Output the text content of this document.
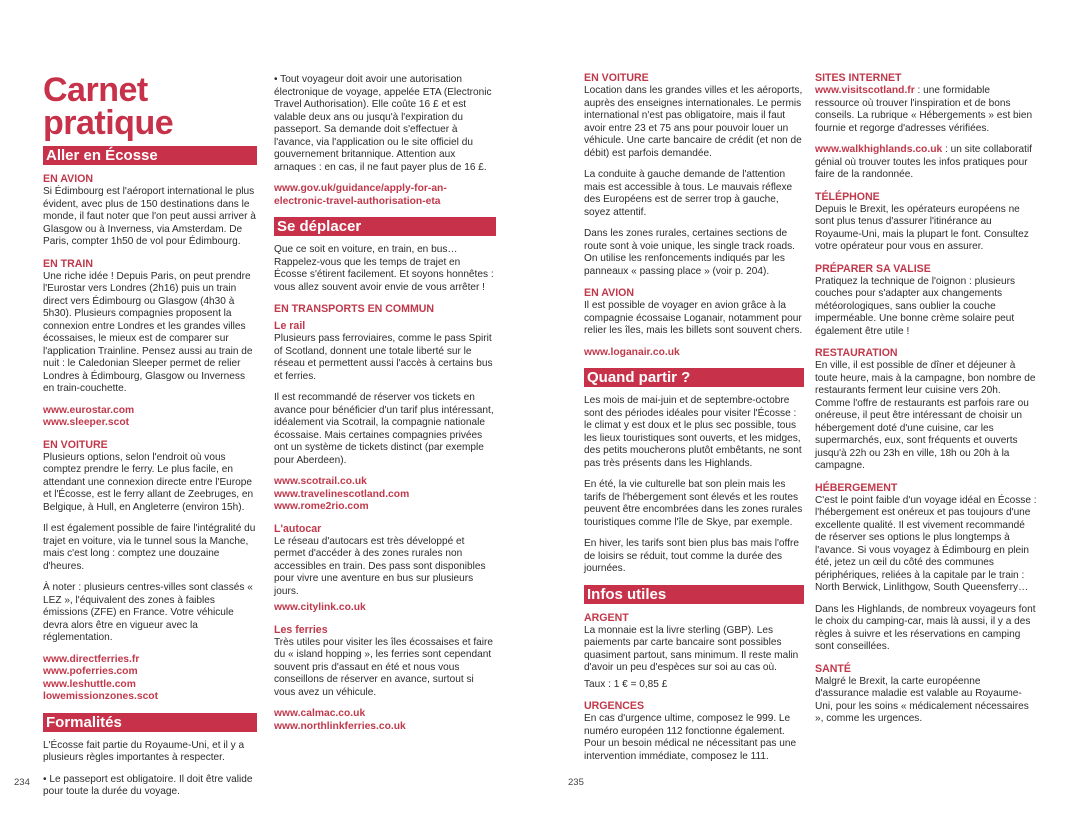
Carnet
pratique
Aller en Écosse
EN AVION

Si Édimbourg est l'aéroport international le plus évident, avec plus de 150 destinations dans le monde, il faut noter que l'on peut aussi arriver à Glasgow ou à Inverness, via Amsterdam. De Paris, compter 1h50 de vol pour Édimbourg.

EN TRAIN

Une riche idée ! Depuis Paris, on peut prendre l'Eurostar vers Londres (2h16) puis un train direct vers Édimbourg ou Glasgow (4h30 à 5h30). Plusieurs compagnies proposent la connexion entre Londres et les grandes villes écossaises, le mieux est de comparer sur l'application Trainline. Pensez aussi au train de nuit : le Caledonian Sleeper permet de relier Londres à Édimbourg, Glasgow ou Inverness en train-couchette.

www.eurostar.com
www.sleeper.scot
EN VOITURE

Plusieurs options, selon l'endroit où vous comptez prendre le ferry. Le plus facile, en attendant une connexion directe entre l'Europe et l'Écosse, est le ferry allant de Zeebruges, en Belgique, à Hull, en Angleterre (environ 15h).

Il est également possible de faire l'intégralité du trajet en voiture, via le tunnel sous la Manche, mais c'est long : comptez une douzaine d'heures.

À noter : plusieurs centres-villes sont classés « LEZ », l'équivalent des zones à faibles émissions (ZFE) en France. Votre véhicule devra alors être en vigueur avec la réglementation.

www.directferries.fr
www.poferries.com
www.leshuttle.com
lowemissionzones.scot
Formalités

L'Écosse fait partie du Royaume-Uni, et il y a plusieurs règles importantes à respecter.

• Le passeport est obligatoire. Il doit être valide pour toute la durée du voyage.

• Tout voyageur doit avoir une autorisation électronique de voyage, appelée ETA (Electronic Travel Authorisation). Elle coûte 16 £ et est valable deux ans ou jusqu'à l'expiration du passeport. Sa demande doit s'effectuer à l'avance, via l'application ou le site officiel du gouvernement britannique. Attention aux arnaques : en cas, il ne faut payer plus de 16 £.

www.gov.uk/guidance/apply-for-an-electronic-travel-authorisation-eta
Se déplacer

Que ce soit en voiture, en train, en bus… Rappelez-vous que les temps de trajet en Écosse s'étirent facilement. Et soyons honnêtes : vous allez souvent avoir envie de vous arrêter !

EN TRANSPORTS EN COMMUN
Le rail

Plusieurs pass ferroviaires, comme le pass Spirit of Scotland, donnent une totale liberté sur le réseau et permettent aussi l'accès à certains bus et ferries.

Il est recommandé de réserver vos tickets en avance pour bénéficier d'un tarif plus intéressant, idéalement via Scotrail, la compagnie nationale écossaise. Mais certaines compagnies privées ont un système de tickets distinct (par exemple pour Aberdeen).

www.scotrail.co.uk
www.travelinescotland.com
www.rome2rio.com
L'autocar

Le réseau d'autocars est très développé et permet d'accéder à des zones rurales non accessibles en train. Des pass sont disponibles pour vivre une aventure en bus sur plusieurs jours.

www.citylink.co.uk
Les ferries

Très utiles pour visiter les îles écossaises et faire du « island hopping », les ferries sont cependant souvent pris d'assaut en été et nous vous conseillons de réserver en avance, surtout si vous avez un véhicule.

www.calmac.co.uk
www.northlinkferries.co.uk
EN VOITURE

Location dans les grandes villes et les aéroports, auprès des enseignes internationales. Le permis international n'est pas obligatoire, mais il faut avoir entre 23 et 75 ans pour pouvoir louer un véhicule. Une carte bancaire de crédit (et non de débit) est parfois demandée.

La conduite à gauche demande de l'attention mais est accessible à tous. Le mauvais réflexe des Européens est de serrer trop à gauche, soyez attentif.

Dans les zones rurales, certaines sections de route sont à voie unique, les single track roads. On utilise les renfoncements indiqués par les panneaux « passing place » (voir p. 204).

EN AVION

Il est possible de voyager en avion grâce à la compagnie écossaise Loganair, notamment pour relier les îles, mais les billets sont souvent chers.

www.loganair.co.uk
Quand partir ?

Les mois de mai-juin et de septembre-octobre sont des périodes idéales pour visiter l'Écosse : le climat y est doux et le plus sec possible, tous les lieux touristiques sont ouverts, et les midges, des petits moucherons plutôt embêtants, ne sont pas très présents dans les Highlands.

En été, la vie culturelle bat son plein mais les tarifs de l'hébergement sont élevés et les routes peuvent être encombrées dans les zones rurales touristiques comme l'île de Skye, par exemple.

En hiver, les tarifs sont bien plus bas mais l'offre de loisirs se réduit, tout comme la durée des journées.

Infos utiles
ARGENT

La monnaie est la livre sterling (GBP). Les paiements par carte bancaire sont possibles quasiment partout, sans minimum. Il reste malin d'avoir un peu d'espèces sur soi au cas où.

Taux : 1 € = 0,85 £

URGENCES

En cas d'urgence ultime, composez le 999. Le numéro européen 112 fonctionne également. Pour un besoin médical ne nécessitant pas une intervention immédiate, composez le 111.

SITES INTERNET

www.visitscotland.fr : une formidable ressource où trouver l'inspiration et de bons conseils. La rubrique « Hébergements » est bien fournie et regorge d'adresses vérifiées.

www.walkhighlands.co.uk : un site collaboratif génial où trouver toutes les infos pratiques pour faire de la randonnée.

TÉLÉPHONE

Depuis le Brexit, les opérateurs européens ne sont plus tenus d'assurer l'itinérance au Royaume-Uni, mais la plupart le font. Consultez votre opérateur pour vous en assurer.

PRÉPARER SA VALISE

Pratiquez la technique de l'oignon : plusieurs couches pour s'adapter aux changements météorologiques, sans oublier la couche imperméable. Une bonne crème solaire peut également être utile !

RESTAURATION

En ville, il est possible de dîner et déjeuner à toute heure, mais à la campagne, bon nombre de restaurants ferment leur cuisine vers 20h. Comme l'offre de restaurants est parfois rare ou onéreuse, il peut être intéressant de choisir un hébergement doté d'une cuisine, car les supermarchés, eux, sont fréquents et ouverts jusqu'à 22h ou 23h en ville, 18h ou 20h à la campagne.

HÉBERGEMENT

C'est le point faible d'un voyage idéal en Écosse : l'hébergement est onéreux et pas toujours d'une excellente qualité. Il est vivement recommandé de réserver ses options le plus longtemps à l'avance. Si vous voyagez à Édimbourg en plein été, jetez un œil du côté des communes périphériques, reliées à la capitale par le train : North Berwick, Linlithgow, South Queensferry…

Dans les Highlands, de nombreux voyageurs font le choix du camping-car, mais là aussi, il y a des règles à suivre et les réservations en camping sont conseillées.

SANTÉ

Malgré le Brexit, la carte européenne d'assurance maladie est valable au Royaume-Uni, pour les soins « médicalement nécessaires », comme les urgences.

234	235
